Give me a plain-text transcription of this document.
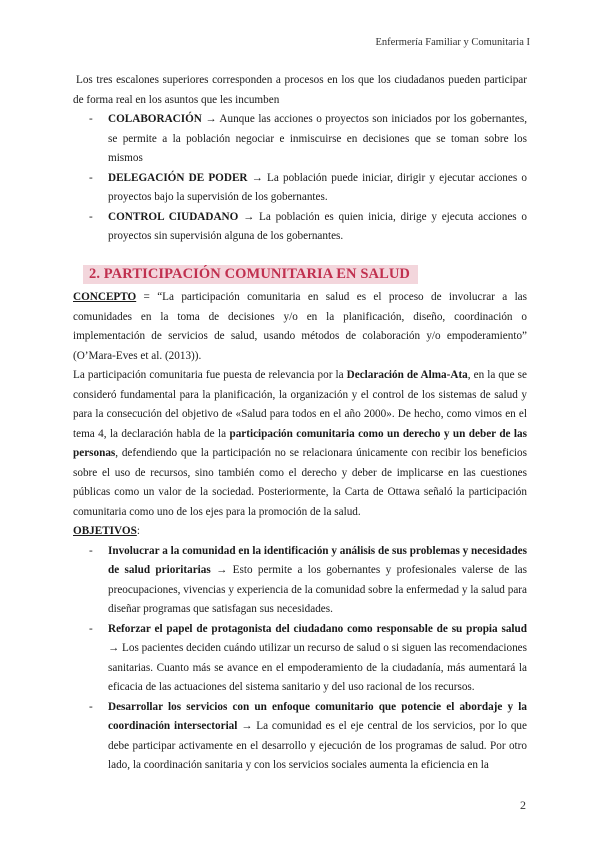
Enfermería Familiar y Comunitaria I

Los tres escalones superiores corresponden a procesos en los que los ciudadanos pueden participar de forma real en los asuntos que les incumben

- COLABORACIÓN → Aunque las acciones o proyectos son iniciados por los gobernantes, se permite a la población negociar e inmiscuirse en decisiones que se toman sobre los mismos
- DELEGACIÓN DE PODER → La población puede iniciar, dirigir y ejecutar acciones o proyectos bajo la supervisión de los gobernantes.
- CONTROL CIUDADANO → La población es quien inicia, dirige y ejecuta acciones o proyectos sin supervisión alguna de los gobernantes.
2. PARTICIPACIÓN COMUNITARIA EN SALUD

CONCEPTO = “La participación comunitaria en salud es el proceso de involucrar a las comunidades en la toma de decisiones y/o en la planificación, diseño, coordinación o implementación de servicios de salud, usando métodos de colaboración y/o empoderamiento” (O’Mara-Eves et al. (2013)).

La participación comunitaria fue puesta de relevancia por la Declaración de Alma-Ata, en la que se consideró fundamental para la planificación, la organización y el control de los sistemas de salud y para la consecución del objetivo de «Salud para todos en el año 2000». De hecho, como vimos en el tema 4, la declaración habla de la participación comunitaria como un derecho y un deber de las personas, defendiendo que la participación no se relacionara únicamente con recibir los beneficios sobre el uso de recursos, sino también como el derecho y deber de implicarse en las cuestiones públicas como un valor de la sociedad. Posteriormente, la Carta de Ottawa señaló la participación comunitaria como uno de los ejes para la promoción de la salud.

OBJETIVOS:

- Involucrar a la comunidad en la identificación y análisis de sus problemas y necesidades de salud prioritarias → Esto permite a los gobernantes y profesionales valerse de las preocupaciones, vivencias y experiencia de la comunidad sobre la enfermedad y la salud para diseñar programas que satisfagan sus necesidades.
- Reforzar el papel de protagonista del ciudadano como responsable de su propia salud → Los pacientes deciden cuándo utilizar un recurso de salud o si siguen las recomendaciones sanitarias. Cuanto más se avance en el empoderamiento de la ciudadanía, más aumentará la eficacia de las actuaciones del sistema sanitario y del uso racional de los recursos.
- Desarrollar los servicios con un enfoque comunitario que potencie el abordaje y la coordinación intersectorial → La comunidad es el eje central de los servicios, por lo que debe participar activamente en el desarrollo y ejecución de los programas de salud. Por otro lado, la coordinación sanitaria y con los servicios sociales aumenta la eficiencia en la
2
